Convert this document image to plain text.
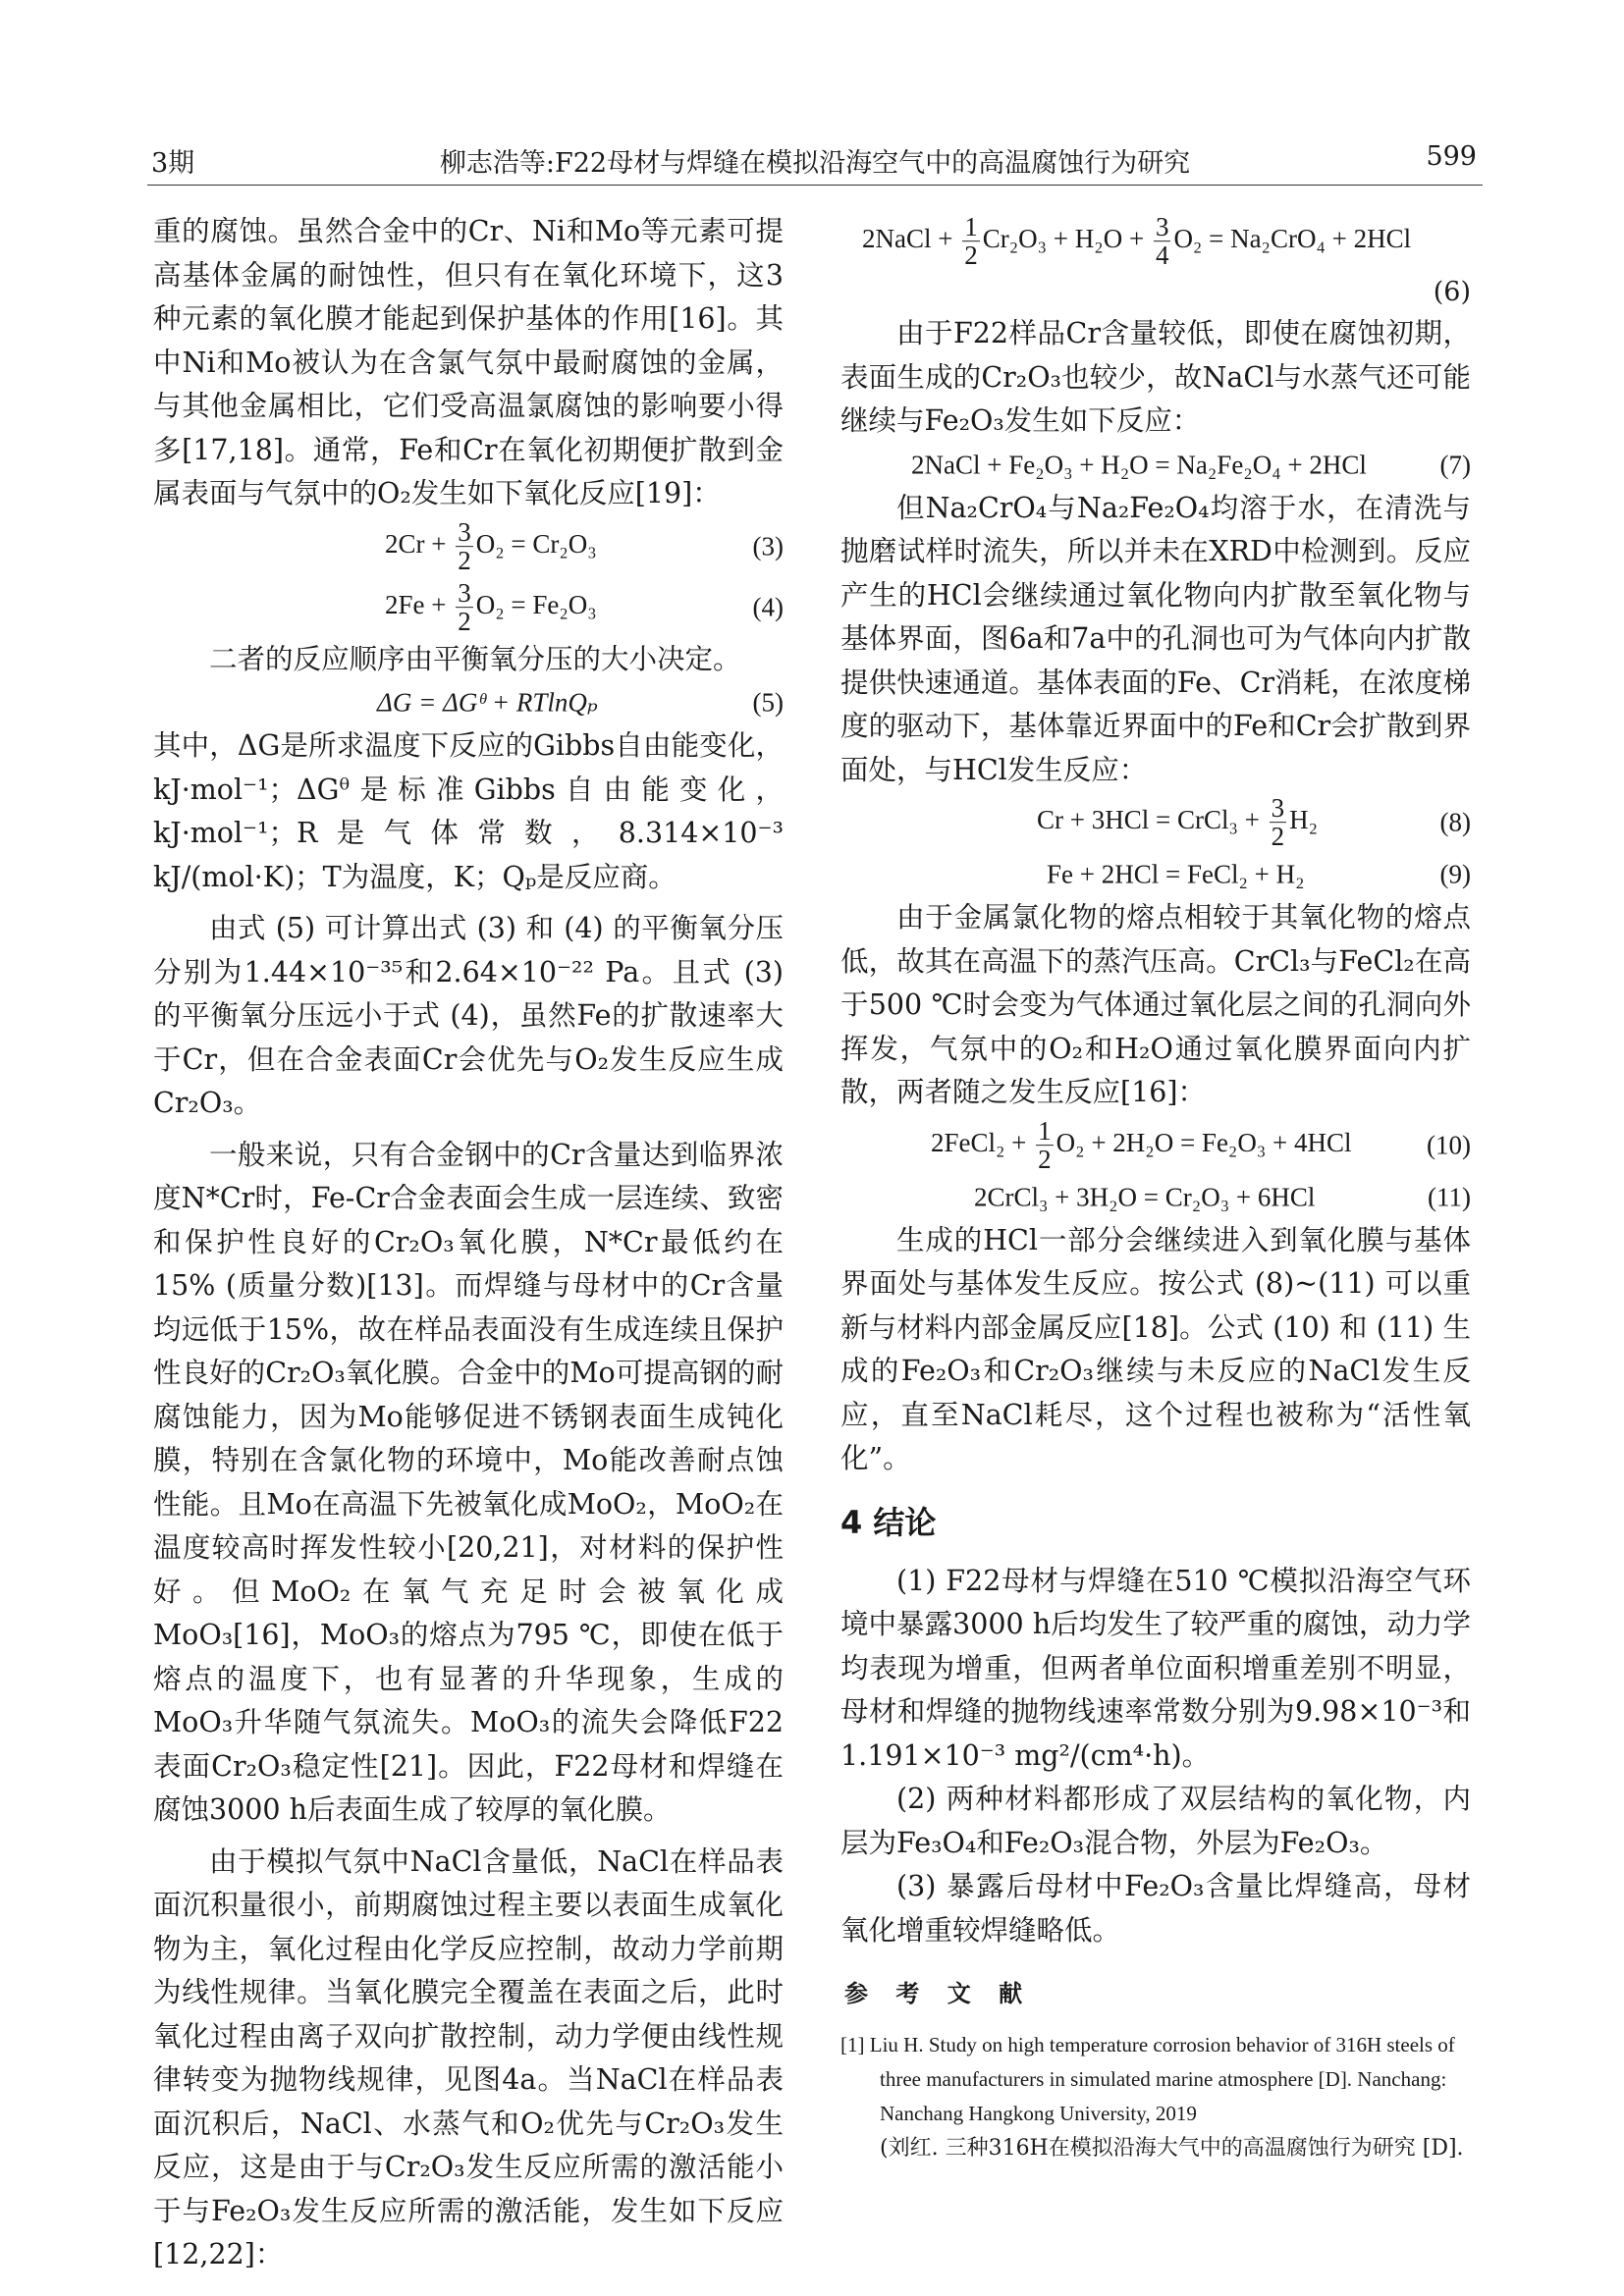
3期	柳志浩等:F22母材与焊缝在模拟沿海空气中的高温腐蚀行为研究	599

重的腐蚀。虽然合金中的Cr、Ni和Mo等元素可提高基体金属的耐蚀性，但只有在氧化环境下，这3种元素的氧化膜才能起到保护基体的作用[16]。其中Ni和Mo被认为在含氯气氛中最耐腐蚀的金属，与其他金属相比，它们受高温氯腐蚀的影响要小得多[17,18]。通常，Fe和Cr在氧化初期便扩散到金属表面与气氛中的O₂发生如下氧化反应[19]：

$2Cr + \frac{3}{2} O_2 = Cr_2O_3$	(3)
$2Fe + \frac{3}{2} O_2 = Fe_2O_3$	(4)

二者的反应顺序由平衡氧分压的大小决定。

ΔG = ΔGᶿ + RTlnQₚ	(5)

其中，ΔG是所求温度下反应的Gibbs自由能变化，kJ·mol⁻¹；ΔGᶿ是标准Gibbs自由能变化，kJ·mol⁻¹；R是气体常数，8.314×10⁻³ kJ/(mol·K)；T为温度，K；Qₚ是反应商。

由式 (5) 可计算出式 (3) 和 (4) 的平衡氧分压分别为1.44×10⁻³⁵和2.64×10⁻²² Pa。且式 (3) 的平衡氧分压远小于式 (4)，虽然Fe的扩散速率大于Cr，但在合金表面Cr会优先与O₂发生反应生成Cr₂O₃。

一般来说，只有合金钢中的Cr含量达到临界浓度N*Cr时，Fe-Cr合金表面会生成一层连续、致密和保护性良好的Cr₂O₃氧化膜，N*Cr最低约在15% (质量分数)[13]。而焊缝与母材中的Cr含量均远低于15%，故在样品表面没有生成连续且保护性良好的Cr₂O₃氧化膜。合金中的Mo可提高钢的耐腐蚀能力，因为Mo能够促进不锈钢表面生成钝化膜，特别在含氯化物的环境中，Mo能改善耐点蚀性能。且Mo在高温下先被氧化成MoO₂，MoO₂在温度较高时挥发性较小[20,21]，对材料的保护性好。但MoO₂在氧气充足时会被氧化成MoO₃[16]，MoO₃的熔点为795 ℃，即使在低于熔点的温度下，也有显著的升华现象，生成的MoO₃升华随气氛流失。MoO₃的流失会降低F22表面Cr₂O₃稳定性[21]。因此，F22母材和焊缝在腐蚀3000 h后表面生成了较厚的氧化膜。

由于模拟气氛中NaCl含量低，NaCl在样品表面沉积量很小，前期腐蚀过程主要以表面生成氧化物为主，氧化过程由化学反应控制，故动力学前期为线性规律。当氧化膜完全覆盖在表面之后，此时氧化过程由离子双向扩散控制，动力学便由线性规律转变为抛物线规律，见图4a。当NaCl在样品表面沉积后，NaCl、水蒸气和O₂优先与Cr₂O₃发生反应，这是由于与Cr₂O₃发生反应所需的激活能小于与Fe₂O₃发生反应所需的激活能，发生如下反应[12,22]：

2NaCl + $\frac{1}{2} Cr_2O_3 + H_2O + \frac{3}{4} O_2 = Na_2CrO_4 + 2HCl$
(6)

由于F22样品Cr含量较低，即使在腐蚀初期，表面生成的Cr₂O₃也较少，故NaCl与水蒸气还可能继续与Fe₂O₃发生如下反应：

2NaCl + Fe₂O₃ + H₂O = Na₂Fe₂O₄ + 2HCl	(7)

但Na₂CrO₄与Na₂Fe₂O₄均溶于水，在清洗与抛磨试样时流失，所以并未在XRD中检测到。反应产生的HCl会继续通过氧化物向内扩散至氧化物与基体界面，图6a和7a中的孔洞也可为气体向内扩散提供快速通道。基体表面的Fe、Cr消耗，在浓度梯度的驱动下，基体靠近界面中的Fe和Cr会扩散到界面处，与HCl发生反应：

Cr + 3HCl = CrCl₃ + $\frac{3}{2} H_2$	(8)
Fe + 2HCl = FeCl₂ + H₂	(9)

由于金属氯化物的熔点相较于其氧化物的熔点低，故其在高温下的蒸汽压高。CrCl₃与FeCl₂在高于500 ℃时会变为气体通过氧化层之间的孔洞向外挥发，气氛中的O₂和H₂O通过氧化膜界面向内扩散，两者随之发生反应[16]：

2FeCl₂ + $\frac{1}{2} O_2 + 2H_2O = Fe_2O_3 + 4HCl$	(10)
2CrCl₃ + 3H₂O = Cr₂O₃ + 6HCl	(11)

生成的HCl一部分会继续进入到氧化膜与基体界面处与基体发生反应。按公式 (8)~(11) 可以重新与材料内部金属反应[18]。公式 (10) 和 (11) 生成的Fe₂O₃和Cr₂O₃继续与未反应的NaCl发生反应，直至NaCl耗尽，这个过程也被称为“活性氧化”。

4 结论

(1) F22母材与焊缝在510 ℃模拟沿海空气环境中暴露3000 h后均发生了较严重的腐蚀，动力学均表现为增重，但两者单位面积增重差别不明显，母材和焊缝的抛物线速率常数分别为9.98×10⁻³和1.191×10⁻³ mg²/(cm⁴·h)。

(2) 两种材料都形成了双层结构的氧化物，内层为Fe₃O₄和Fe₂O₃混合物，外层为Fe₂O₃。

(3) 暴露后母材中Fe₂O₃含量比焊缝高，母材氧化增重较焊缝略低。

参 考 文 献
[1] Liu H. Study on high temperature corrosion behavior of 316H steels of three manufacturers in simulated marine atmosphere [D]. Nanchang: Nanchang Hangkong University, 2019
(刘红. 三种316H在模拟沿海大气中的高温腐蚀行为研究 [D].
